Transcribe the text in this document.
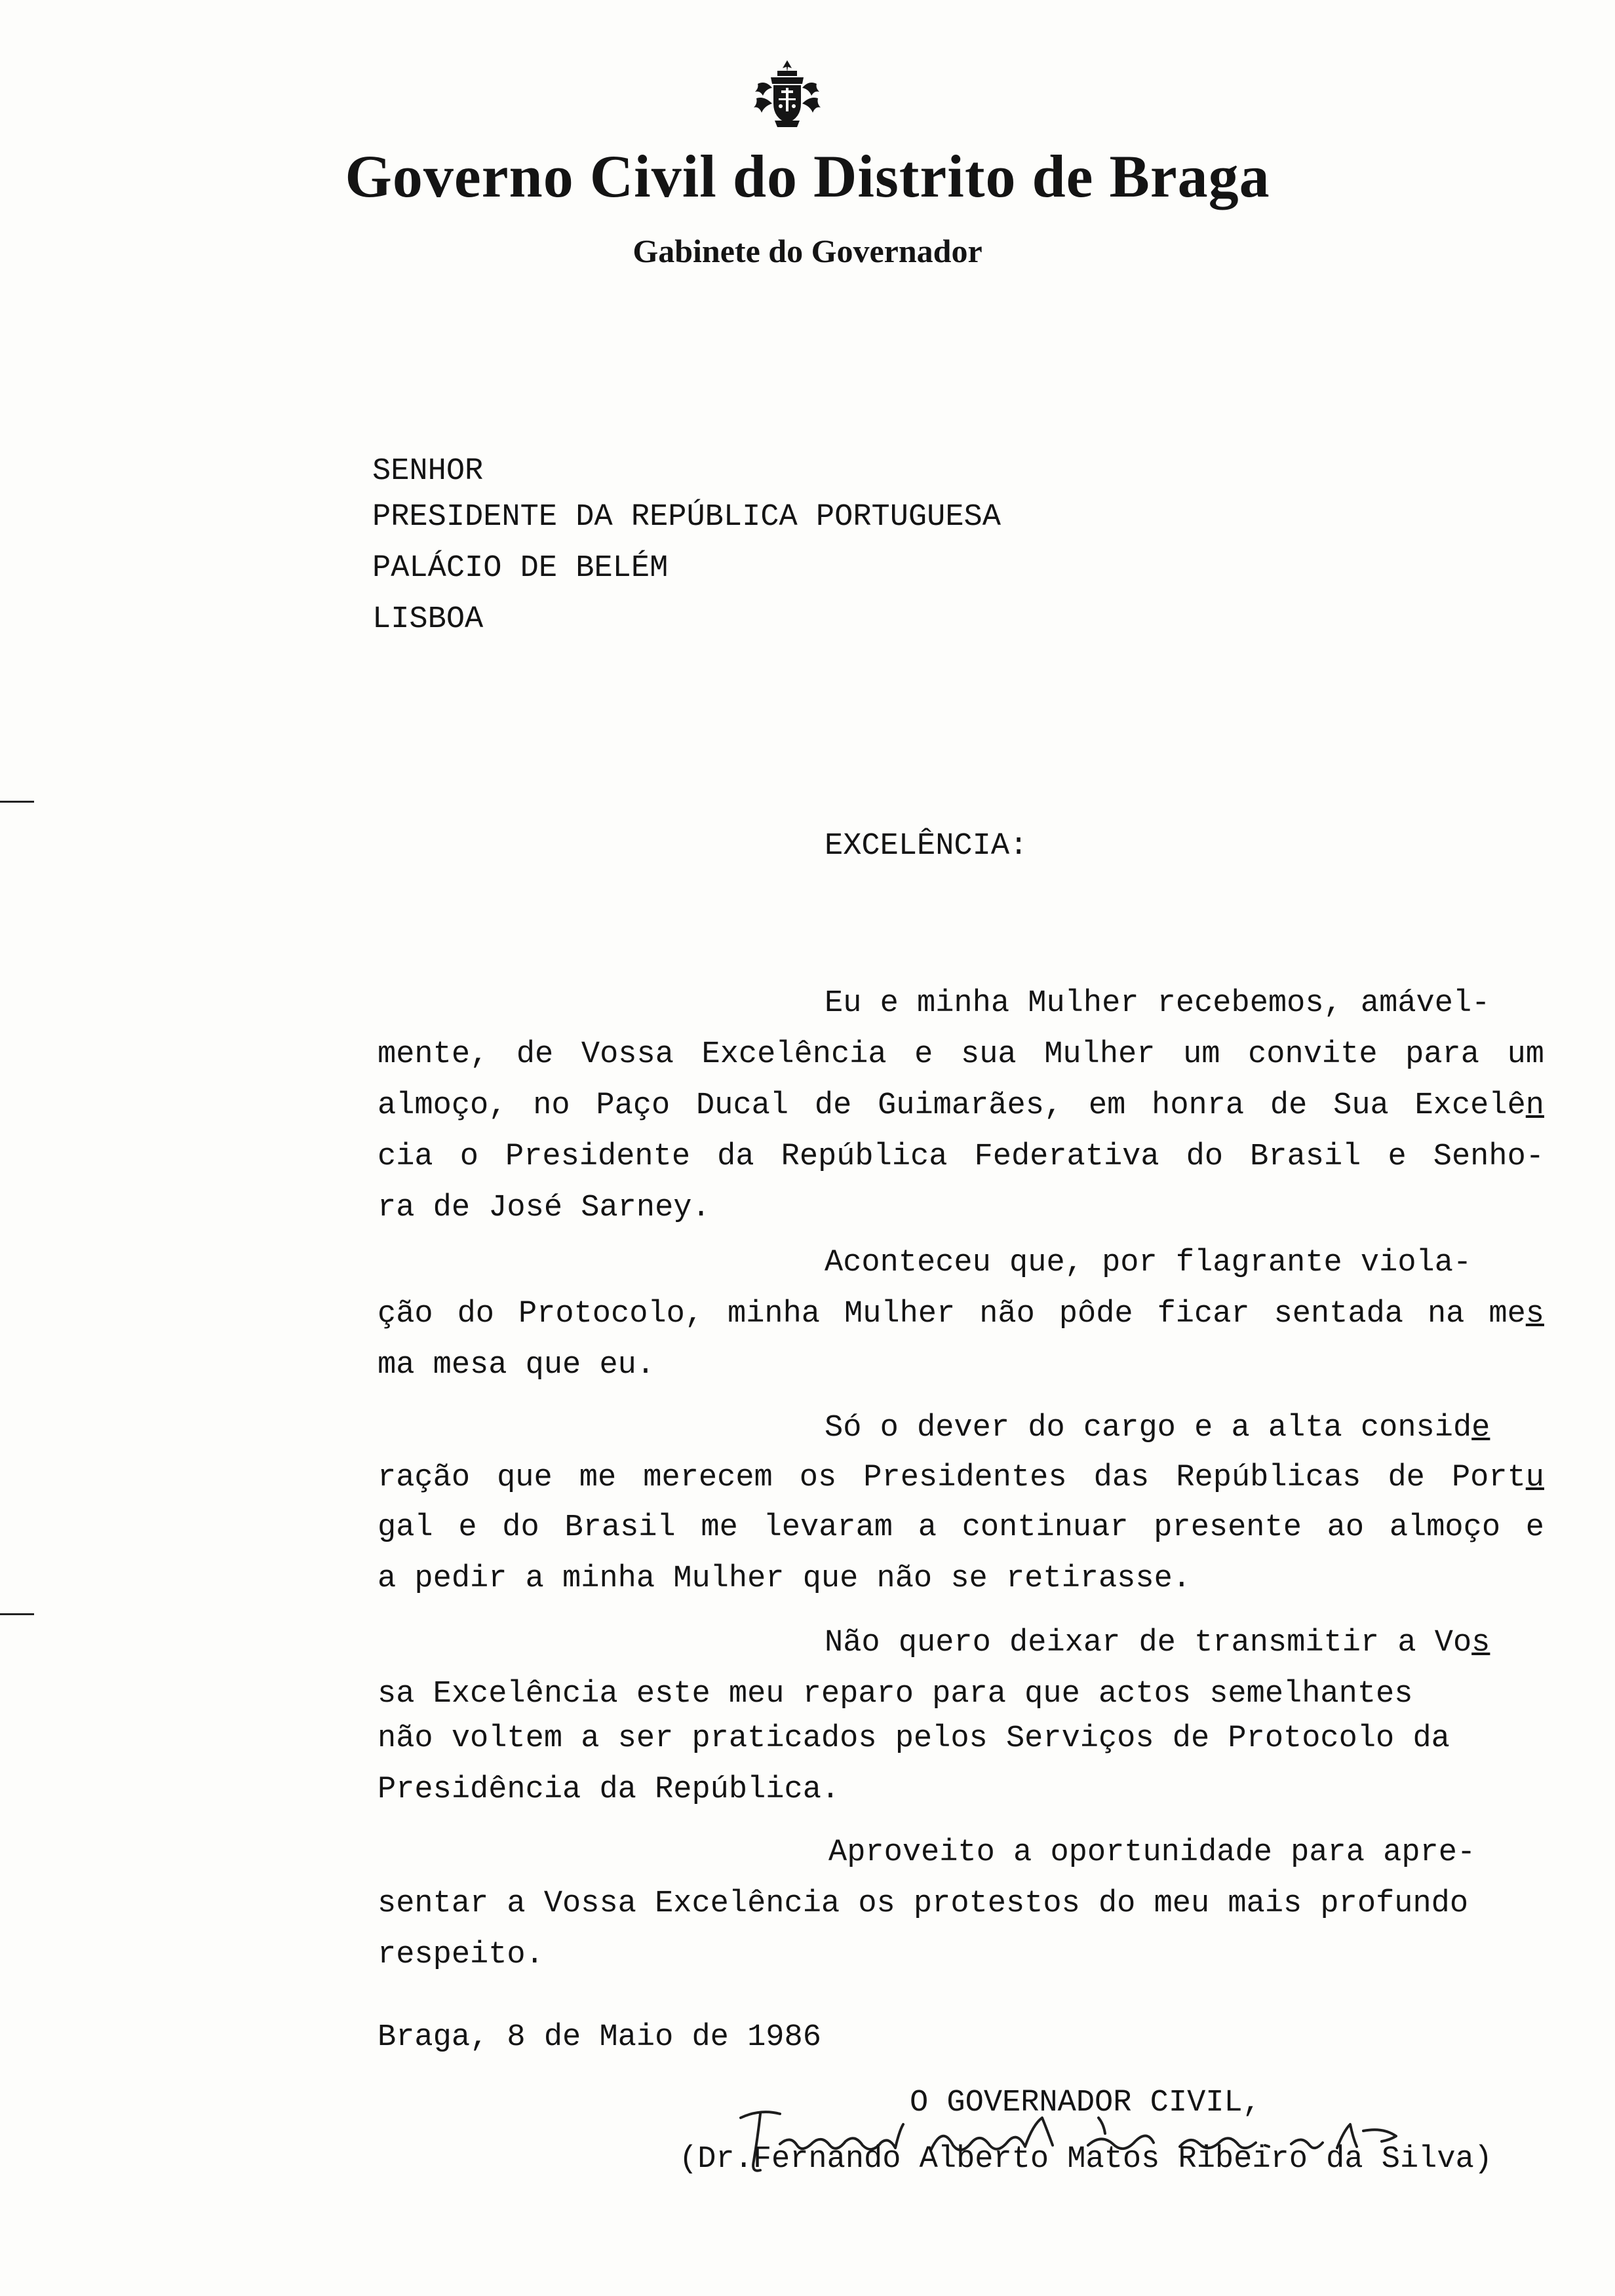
Governo Civil do Distrito de Braga
Gabinete do Governador
SENHOR
PRESIDENTE DA REPÚBLICA PORTUGUESA
PALÁCIO DE BELÉM
LISBOA
EXCELÊNCIA:
Eu e minha Mulher recebemos, amável-
mente, de Vossa Excelência e sua Mulher um convite para um
almoço, no Paço Ducal de Guimarães, em honra de Sua Excelên
cia o Presidente da República Federativa do Brasil e Senho-
ra de José Sarney.
Aconteceu que, por flagrante viola-
ção do Protocolo, minha Mulher não pôde ficar sentada na mes
ma mesa que eu.
Só o dever do cargo e a alta conside
ração que me merecem os Presidentes das Repúblicas de Portu
gal e do Brasil me levaram a continuar presente ao almoço e
a pedir a minha Mulher que não se retirasse.
Não quero deixar de transmitir a Vos
sa Excelência este meu reparo para que actos semelhantes
não voltem a ser praticados pelos Serviços de Protocolo da
Presidência da República.
Aproveito a oportunidade para apre-
sentar a Vossa Excelência os protestos do meu mais profundo
respeito.
Braga, 8 de Maio de 1986
O GOVERNADOR CIVIL,
(Dr.Fernando Alberto Matos Ribeiro da Silva)
